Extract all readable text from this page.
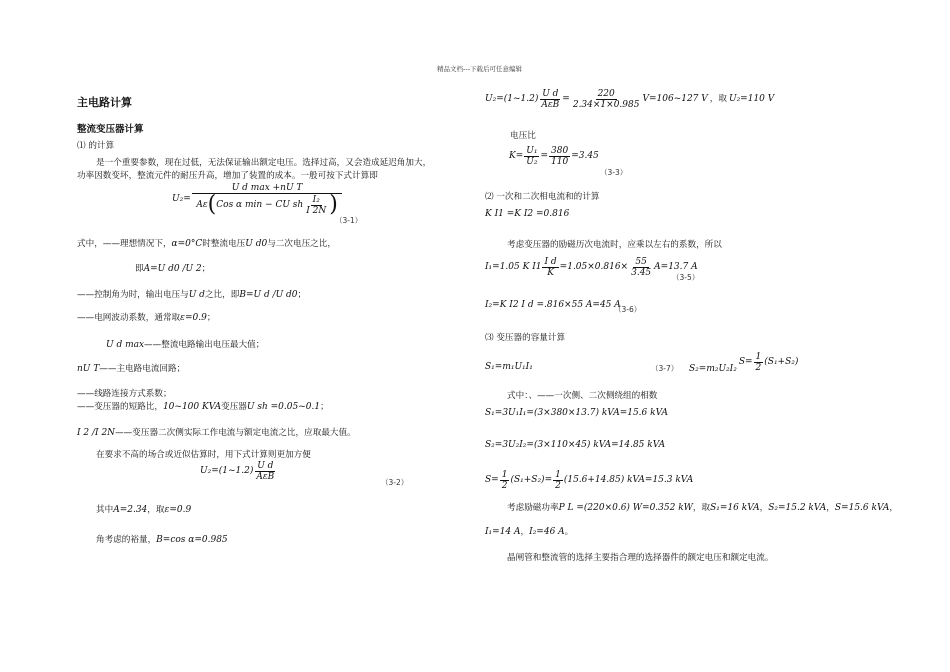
精品文档---下载后可任意编辑
主电路计算
整流变压器计算
⑴ 的计算
是一个重要参数，现在过低，无法保证输出额定电压。选择过高，又会造成延迟角加大，
功率因数变坏，整流元件的耐压升高，增加了装置的成本。一般可按下式计算即
U₂=
U d max +nU T
Aε ( Cos α min − CU sh $\frac{\text{I₂}}{I 2N}$ )
（3-1）
式中，——理想情况下，α=0°C时整流电压U d0与二次电压之比，
即A=U d0 /U 2；
——控制角为时，输出电压与U d之比，即B=U d /U d0；
——电网波动系数，通常取ε=0.9；
U d max——整流电路输出电压最大值；
nU T——主电路电流回路；
——线路连接方式系数；
——变压器的短路比，10~100 KVA变压器U sh =0.05~0.1；
I 2 /I 2N——变压器二次侧实际工作电流与额定电流之比，应取最大值。
在要求不高的场合或近似估算时，用下式计算则更加方便
U₂=(1~1.2) $\frac{\text{U d}}{\text{AεB}}$	（3-2）
其中A=2.34，取ε=0.9
角考虑的裕量，B=cos α=0.985
U₂=(1~1.2) $\frac{\text{U d}}{\text{AεB}} = \frac{220}{2.34\times 1\times 0.985}$ V=106~127 V ，取 U₂=110 V
电压比
$K= \frac{\text{U₁}}{\text{U₂}} = \frac{380}{110} =3.45$
（3-3）
⑵ 一次和二次相电流和的计算
K I1 =K I2 =0.816
考虑变压器的励磁历次电流时，应乘以左右的系数，所以
I₁=1.05 K $I1 \frac{\text{I d}}{K} =1.05\times 0.816\times \frac{55}{3.45} A=13.7$ A
（3-5）
I₂=K I2 I d =.816×55 A=45 A
（3-6）
⑶ 变压器的容量计算
S₁=m₁U₁I₁	（3-7） S₂=m₂U₂I₂
$S= \frac{1}{2} (S_1+S_2)$
式中：、——一次侧、二次侧绕组的相数
S₁=3U₁I₁=(3×380×13.7) kVA=15.6 kVA
S₂=3U₂I₂=(3×110×45) kVA=14.85 kVA
$S= \frac{1}{2} (S_1+S_2)= \frac{1}{2} (15.6+14.85)$ kVA=15.3 kVA
考虑励磁功率P L =(220×0.6) W=0.352 kW，取S₁=16 kVA，S₂=15.2 kVA，S=15.6 kVA，
I₁=14 A，I₂=46 A。
晶闸管和整流管的选择主要指合理的选择器件的额定电压和额定电流。
